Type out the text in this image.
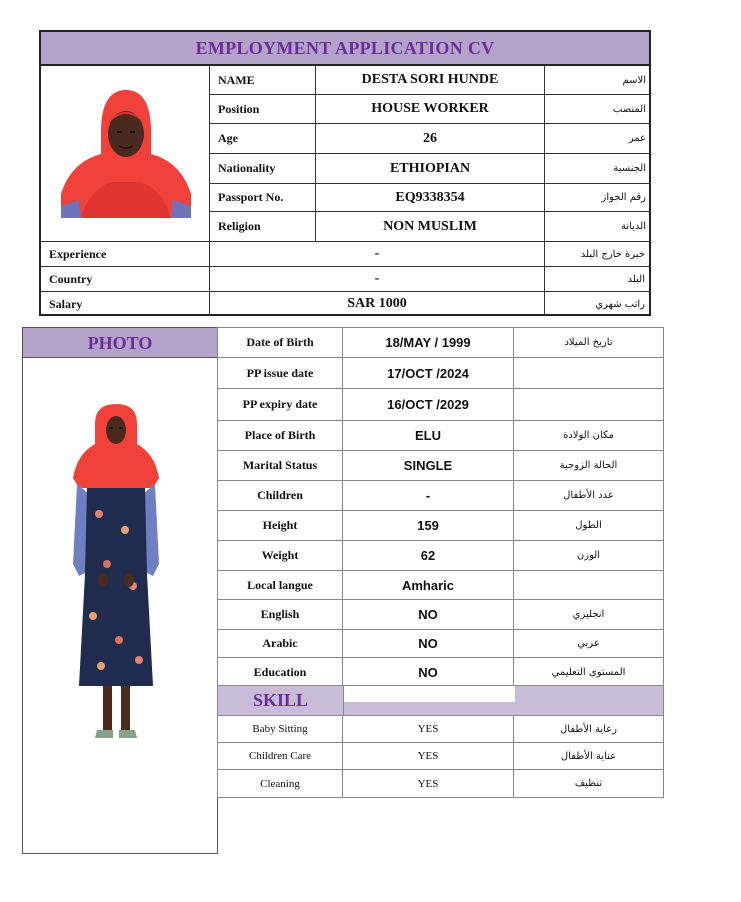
EMPLOYMENT APPLICATION CV
NAME	DESTA SORI HUNDE	الاسم
Position	HOUSE WORKER	المنصب
Age	26	عمر
Nationality	ETHIOPIAN	الجنسية
Passport No.	EQ9338354	رقم الجواز
Religion	NON MUSLIM	الديانة
Experience	-	خبرة خارج البلد
Country	-	البلد
Salary	SAR 1000	راتب شهري
PHOTO	Date of Birth	18/MAY / 1999	تاريخ الميلاد
PP issue date	17/OCT /2024
PP expiry date	16/OCT /2029
Place of Birth	ELU	مكان الولادة
Marital Status	SINGLE	الحالة الزوجية
Children	-	عدد الأطفال
Height	159	الطول
Weight	62	الوزن
Local langue	Amharic
English	NO	انجليزي
Arabic	NO	عربي
Education	NO	المستوى التعليمي
SKILL
Baby Sitting	YES	رعاية الأطفال
Children Care	YES	عناية الأطفال
Cleaning	YES	تنظيف
